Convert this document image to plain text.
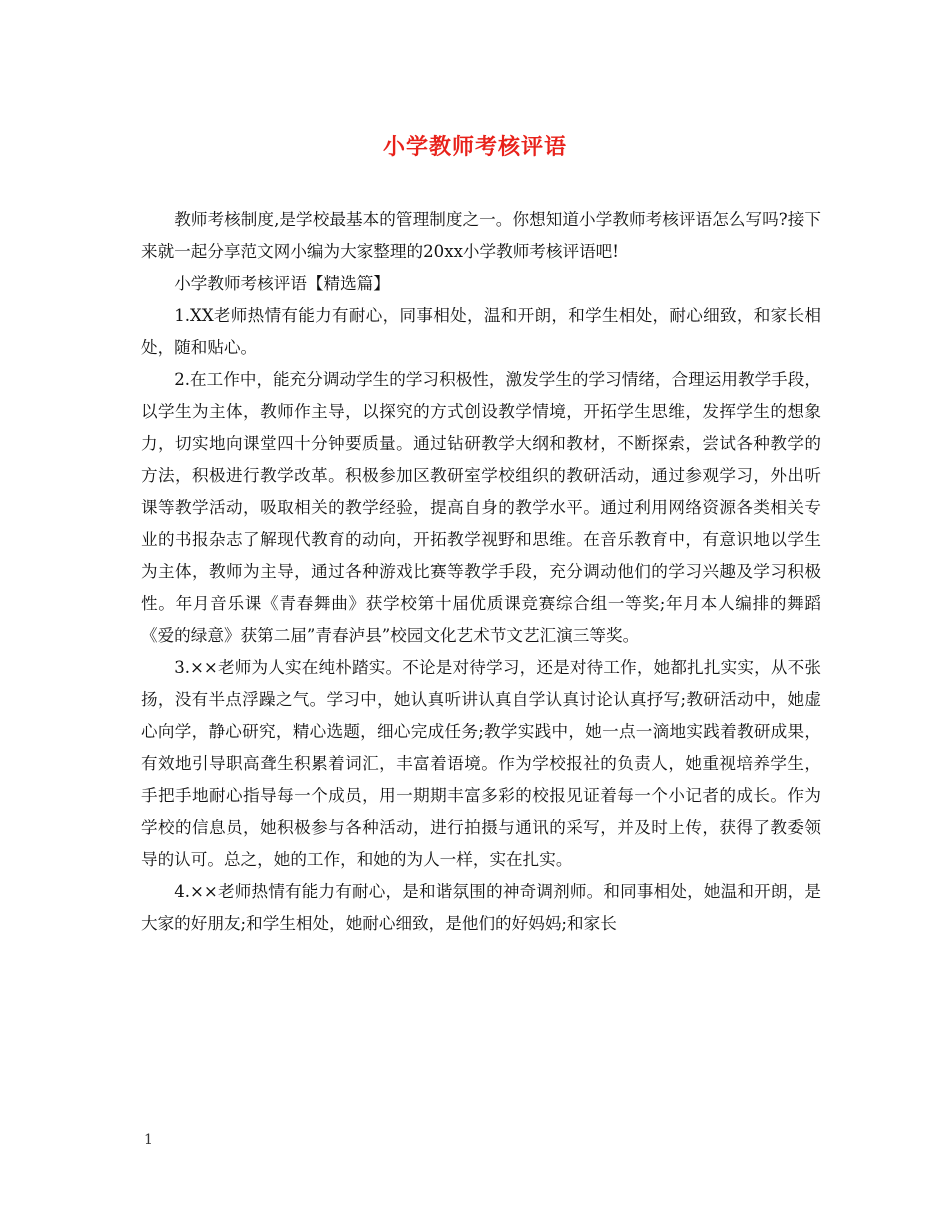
小学教师考核评语

教师考核制度,是学校最基本的管理制度之一。你想知道小学教师考核评语怎么写吗?接下来就一起分享范文网小编为大家整理的20xx小学教师考核评语吧!

小学教师考核评语【精选篇】

1.XX老师热情有能力有耐心，同事相处，温和开朗，和学生相处，耐心细致，和家长相处，随和贴心。

2.在工作中，能充分调动学生的学习积极性，激发学生的学习情绪，合理运用教学手段，以学生为主体，教师作主导，以探究的方式创设教学情境，开拓学生思维，发挥学生的想象力，切实地向课堂四十分钟要质量。通过钻研教学大纲和教材，不断探索，尝试各种教学的方法，积极进行教学改革。积极参加区教研室学校组织的教研活动，通过参观学习，外出听课等教学活动，吸取相关的教学经验，提高自身的教学水平。通过利用网络资源各类相关专业的书报杂志了解现代教育的动向，开拓教学视野和思维。在音乐教育中，有意识地以学生为主体，教师为主导，通过各种游戏比赛等教学手段，充分调动他们的学习兴趣及学习积极性。年月音乐课《青春舞曲》获学校第十届优质课竞赛综合组一等奖;年月本人编排的舞蹈《爱的绿意》获第二届”青春泸县”校园文化艺术节文艺汇演三等奖。

3.××老师为人实在纯朴踏实。不论是对待学习，还是对待工作，她都扎扎实实，从不张扬，没有半点浮躁之气。学习中，她认真听讲认真自学认真讨论认真抒写;教研活动中，她虚心向学，静心研究，精心选题，细心完成任务;教学实践中，她一点一滴地实践着教研成果，有效地引导职高聋生积累着词汇，丰富着语境。作为学校报社的负责人，她重视培养学生，手把手地耐心指导每一个成员，用一期期丰富多彩的校报见证着每一个小记者的成长。作为学校的信息员，她积极参与各种活动，进行拍摄与通讯的采写，并及时上传，获得了教委领导的认可。总之，她的工作，和她的为人一样，实在扎实。

4.××老师热情有能力有耐心，是和谐氛围的神奇调剂师。和同事相处，她温和开朗，是大家的好朋友;和学生相处，她耐心细致，是他们的好妈妈;和家长

1
